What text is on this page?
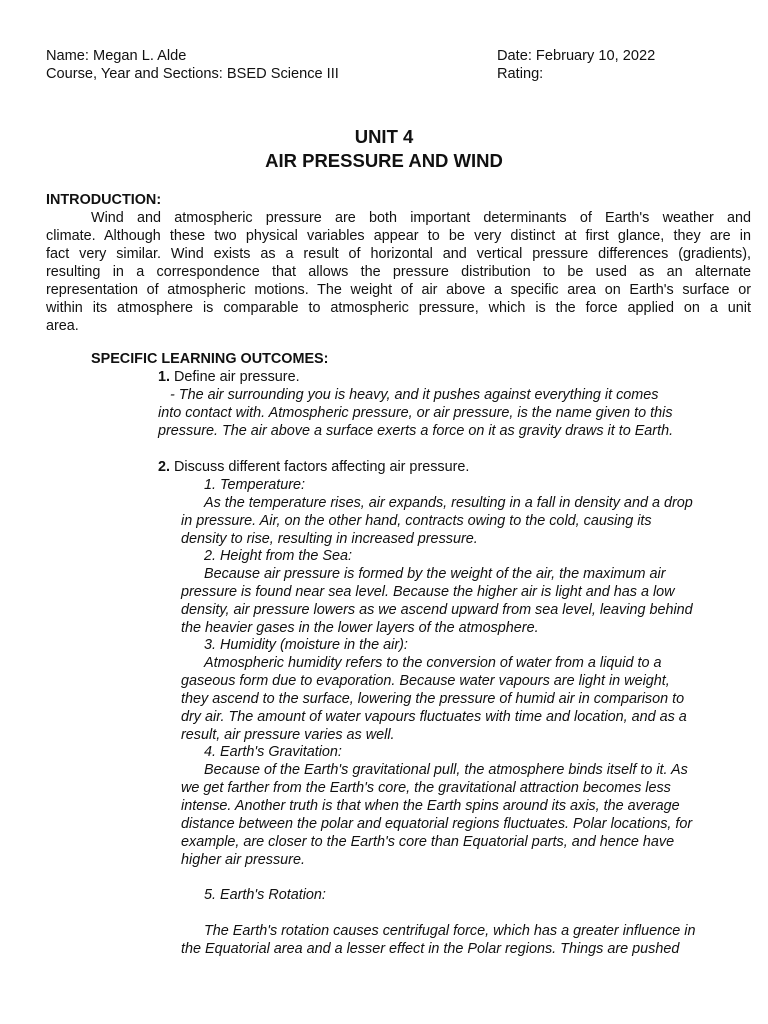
Name: Megan L. Alde
Course, Year and Sections: BSED Science III
Date: February 10, 2022
Rating:
UNIT 4
AIR PRESSURE AND WIND
INTRODUCTION:
Wind and atmospheric pressure are both important determinants of Earth's weather and
climate. Although these two physical variables appear to be very distinct at first glance, they are in
fact very similar. Wind exists as a result of horizontal and vertical pressure differences (gradients),
resulting in a correspondence that allows the pressure distribution to be used as an alternate
representation of atmospheric motions. The weight of air above a specific area on Earth's surface or
within its atmosphere is comparable to atmospheric pressure, which is the force applied on a unit
area.
SPECIFIC LEARNING OUTCOMES:
1. Define air pressure.
- The air surrounding you is heavy, and it pushes against everything it comes
into contact with. Atmospheric pressure, or air pressure, is the name given to this
pressure. The air above a surface exerts a force on it as gravity draws it to Earth.
2. Discuss different factors affecting air pressure.
1. Temperature:
As the temperature rises, air expands, resulting in a fall in density and a drop
in pressure. Air, on the other hand, contracts owing to the cold, causing its
density to rise, resulting in increased pressure.
2. Height from the Sea:
Because air pressure is formed by the weight of the air, the maximum air
pressure is found near sea level. Because the higher air is light and has a low
density, air pressure lowers as we ascend upward from sea level, leaving behind
the heavier gases in the lower layers of the atmosphere.
3. Humidity (moisture in the air):
Atmospheric humidity refers to the conversion of water from a liquid to a
gaseous form due to evaporation. Because water vapours are light in weight,
they ascend to the surface, lowering the pressure of humid air in comparison to
dry air. The amount of water vapours fluctuates with time and location, and as a
result, air pressure varies as well.
4. Earth's Gravitation:
Because of the Earth's gravitational pull, the atmosphere binds itself to it. As
we get farther from the Earth's core, the gravitational attraction becomes less
intense. Another truth is that when the Earth spins around its axis, the average
distance between the polar and equatorial regions fluctuates. Polar locations, for
example, are closer to the Earth's core than Equatorial parts, and hence have
higher air pressure.
5. Earth's Rotation:
The Earth's rotation causes centrifugal force, which has a greater influence in
the Equatorial area and a lesser effect in the Polar regions. Things are pushed
